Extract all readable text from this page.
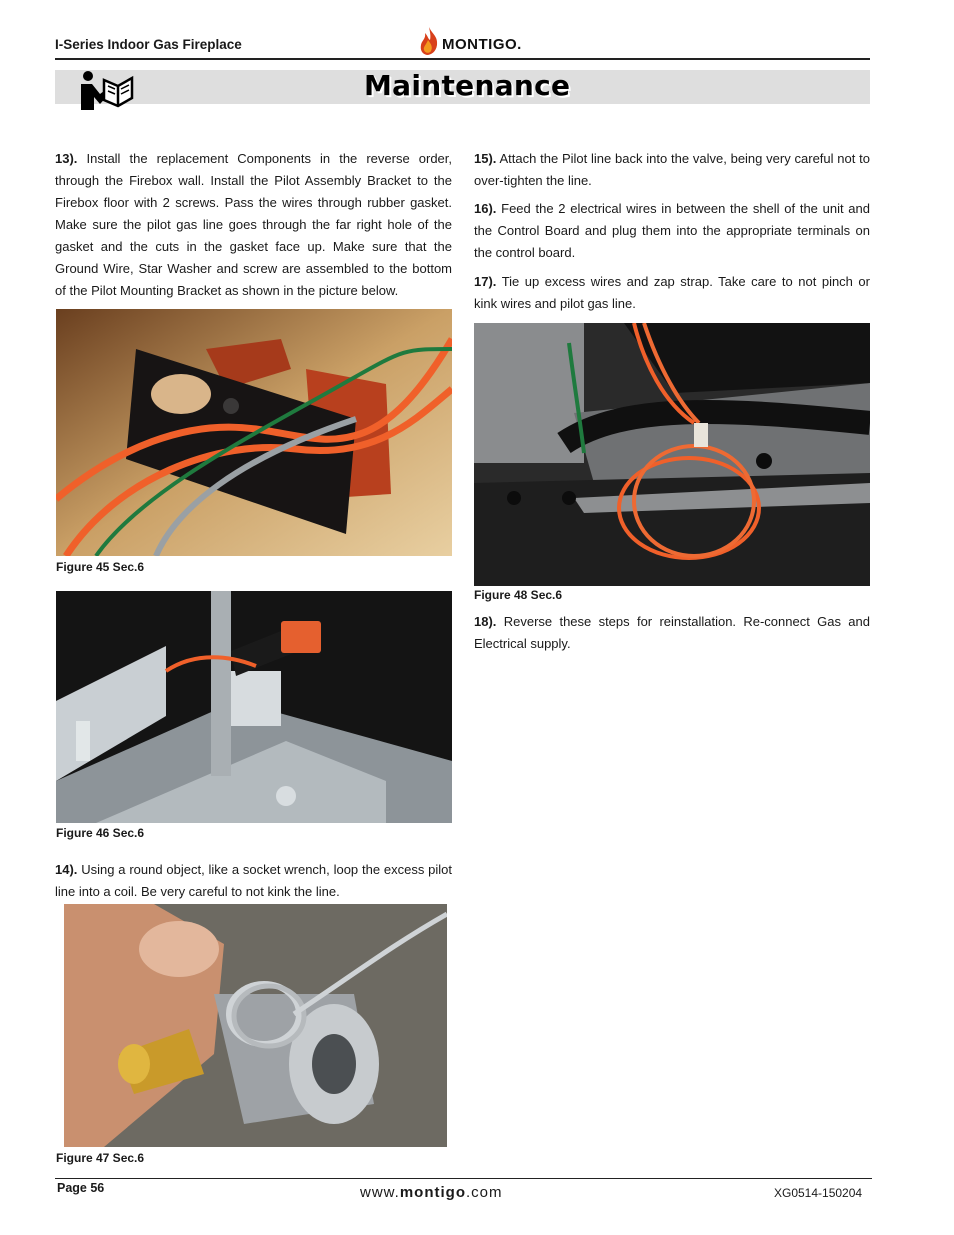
I-Series Indoor Gas Fireplace	MONTIGO .
Maintenance

13). Install the replacement Components in the reverse order, through the Firebox wall. Install the Pilot Assembly Bracket to the Firebox floor with 2 screws. Pass the wires through rubber gasket. Make sure the pilot gas line goes through the far right hole of the gasket and the cuts in the gasket face up. Make sure that the Ground Wire, Star Washer and screw are assembled to the bottom of the Pilot Mounting Bracket as shown in the picture below.

Figure 45 Sec.6
Figure 46 Sec.6

14). Using a round object, like a socket wrench, loop the excess pilot line into a coil. Be very careful to not kink the line.

Figure 47 Sec.6

15). Attach the Pilot line back into the valve, being very careful not to over-tighten the line.

16). Feed the 2 electrical wires in between the shell of the unit and the Control Board and plug them into the appropriate terminals on the control board.

17). Tie up excess wires and zap strap. Take care to not pinch or kink wires and pilot gas line.

Figure 48 Sec.6

18). Reverse these steps for reinstallation. Re-connect Gas and Electrical supply.

Page 56	www.montigo.com	XG0514-150204
